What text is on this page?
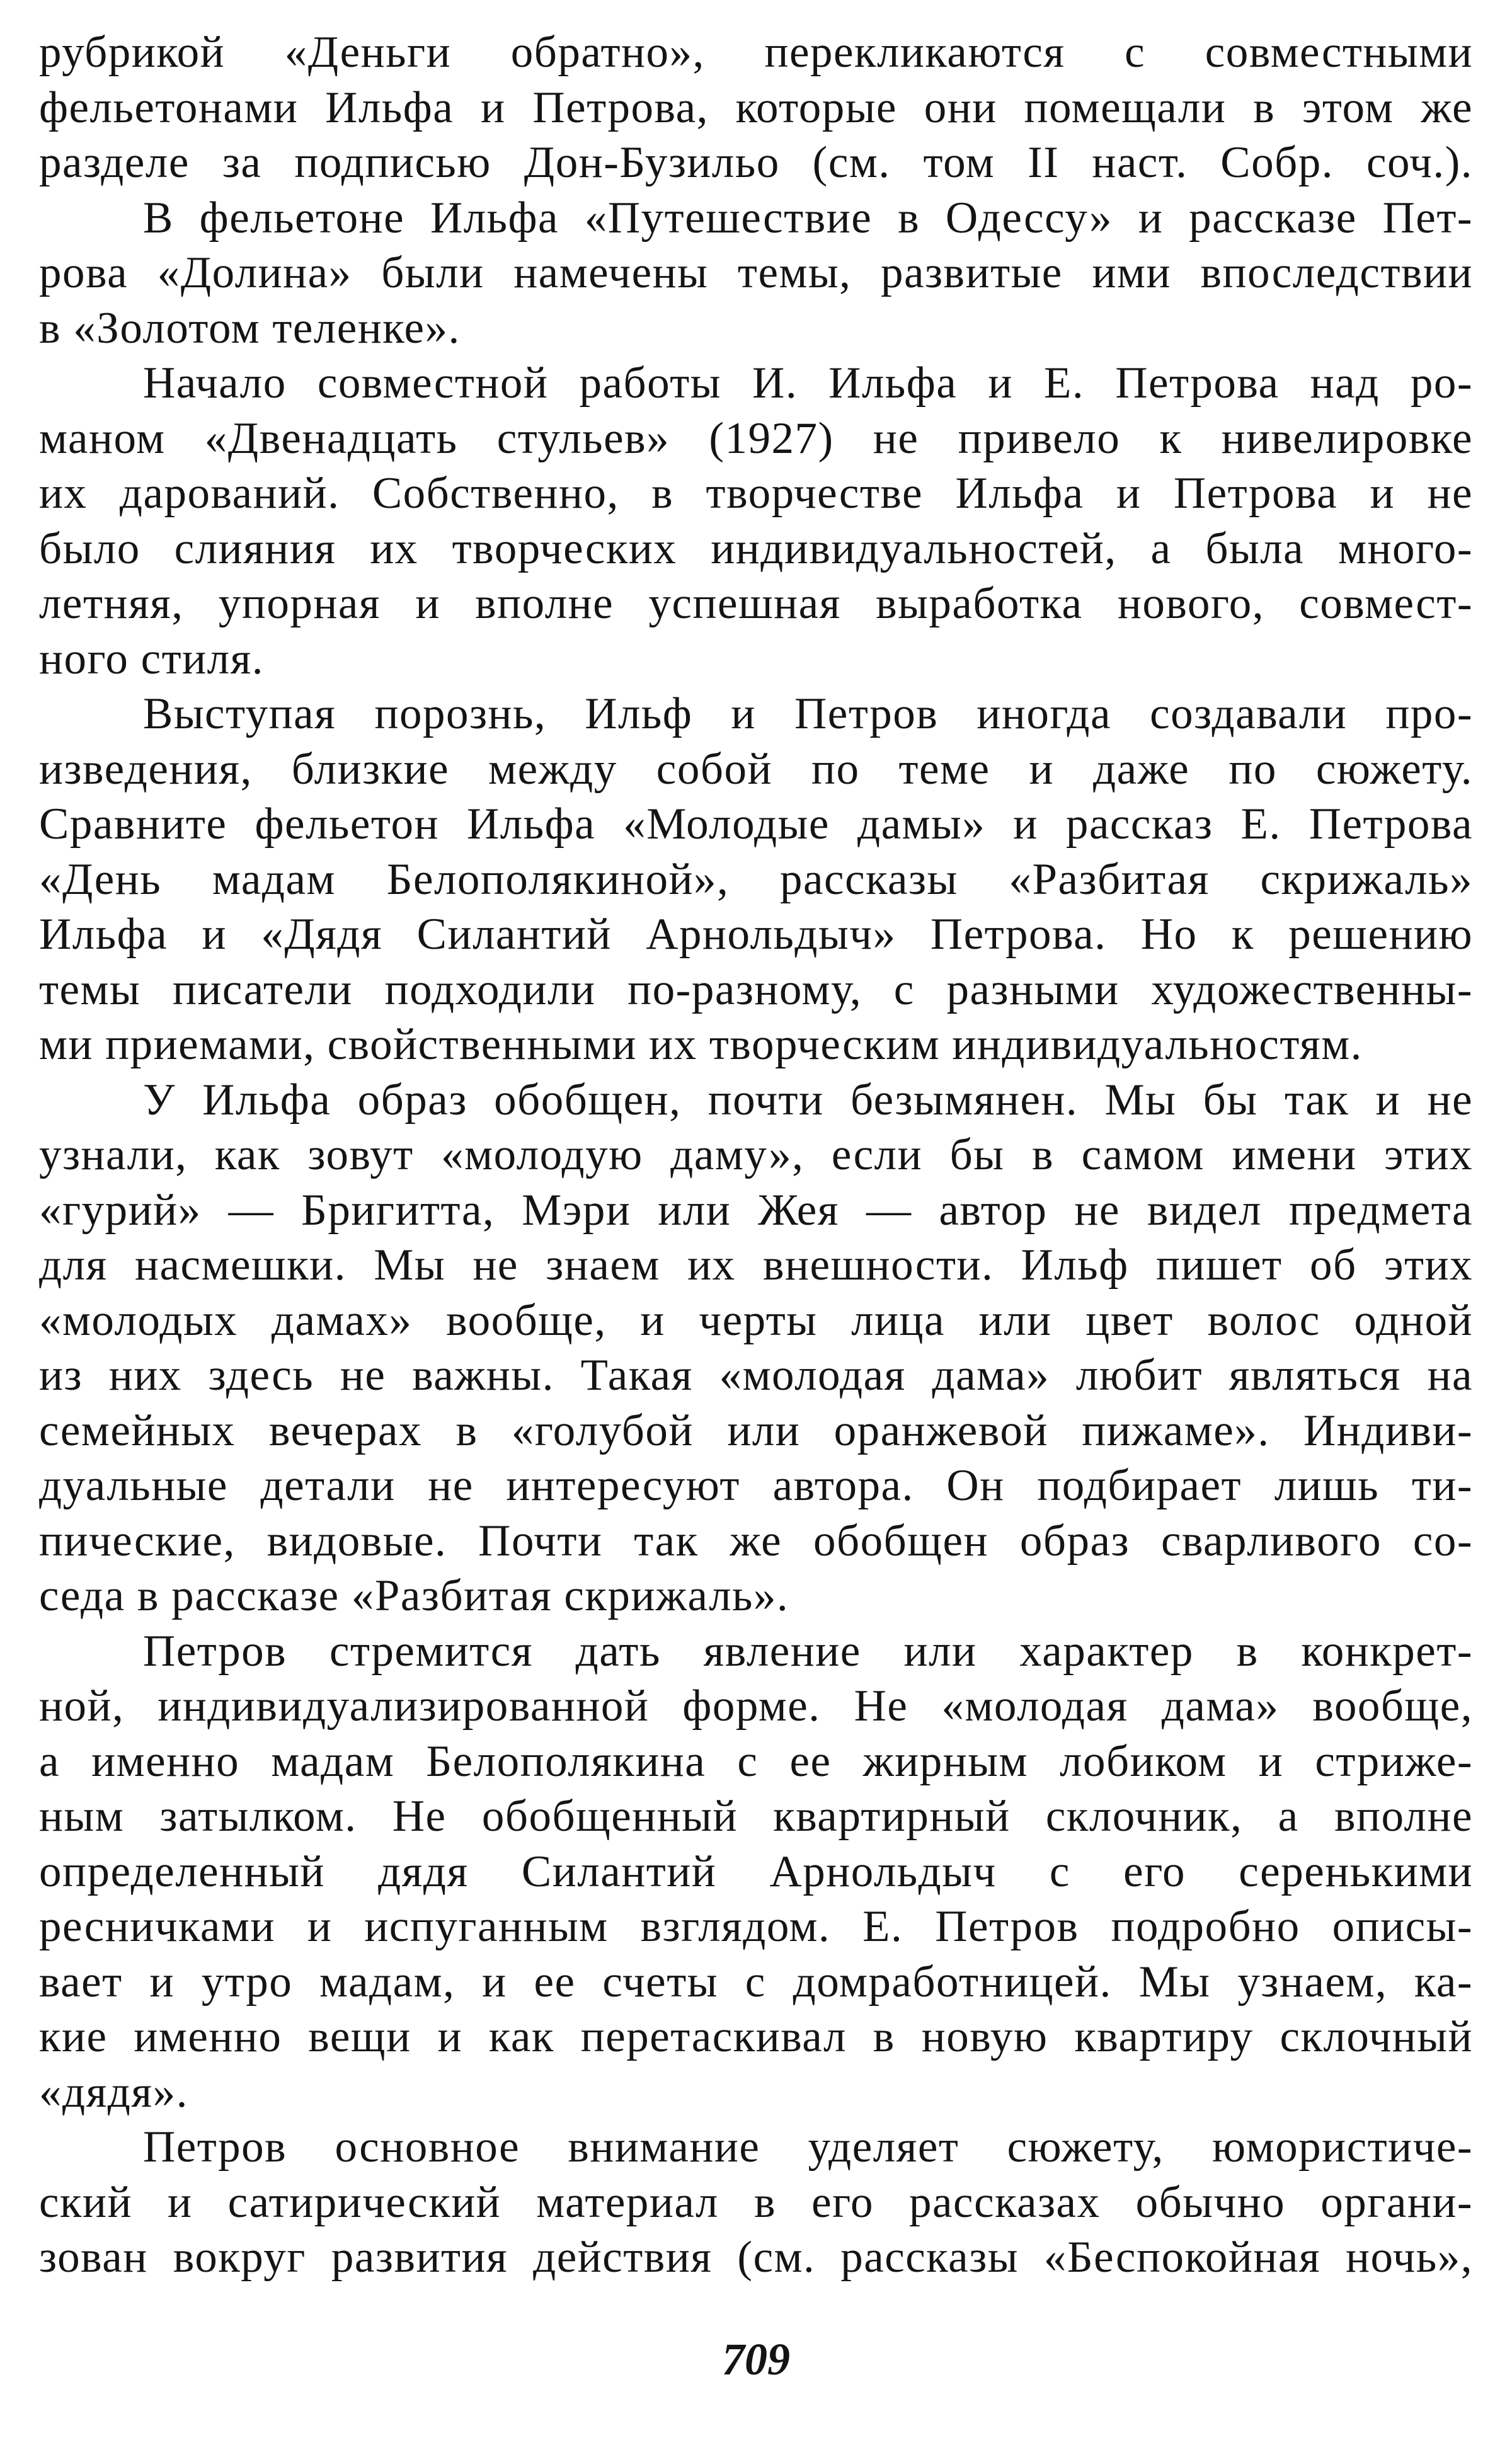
рубрикой «Деньги обратно», перекликаются с совместными
фельетонами Ильфа и Петрова, которые они помещали в этом же
разделе за подписью Дон-Бузильо (см. том II наст. Собр. соч.).
В фельетоне Ильфа «Путешествие в Одессу» и рассказе Пет-
рова «Долина» были намечены темы, развитые ими впоследствии
в «Золотом теленке».
Начало совместной работы И. Ильфа и Е. Петрова над ро-
маном «Двенадцать стульев» (1927) не привело к нивелировке
их дарований. Собственно, в творчестве Ильфа и Петрова и не
было слияния их творческих индивидуальностей, а была много-
летняя, упорная и вполне успешная выработка нового, совмест-
ного стиля.
Выступая порознь, Ильф и Петров иногда создавали про-
изведения, близкие между собой по теме и даже по сюжету.
Сравните фельетон Ильфа «Молодые дамы» и рассказ Е. Петрова
«День мадам Белополякиной», рассказы «Разбитая скрижаль»
Ильфа и «Дядя Силантий Арнольдыч» Петрова. Но к решению
темы писатели подходили по-разному, с разными художественны-
ми приемами, свойственными их творческим индивидуальностям.
У Ильфа образ обобщен, почти безымянен. Мы бы так и не
узнали, как зовут «молодую даму», если бы в самом имени этих
«гурий» — Бригитта, Мэри или Жея — автор не видел предмета
для насмешки. Мы не знаем их внешности. Ильф пишет об этих
«молодых дамах» вообще, и черты лица или цвет волос одной
из них здесь не важны. Такая «молодая дама» любит являться на
семейных вечерах в «голубой или оранжевой пижаме». Индиви-
дуальные детали не интересуют автора. Он подбирает лишь ти-
пические, видовые. Почти так же обобщен образ сварливого со-
седа в рассказе «Разбитая скрижаль».
Петров стремится дать явление или характер в конкрет-
ной, индивидуализированной форме. Не «молодая дама» вообще,
а именно мадам Белополякина с ее жирным лобиком и стриже-
ным затылком. Не обобщенный квартирный склочник, а вполне
определенный дядя Силантий Арнольдыч с его серенькими
ресничками и испуганным взглядом. Е. Петров подробно описы-
вает и утро мадам, и ее счеты с домработницей. Мы узнаем, ка-
кие именно вещи и как перетаскивал в новую квартиру склочный
«дядя».
Петров основное внимание уделяет сюжету, юмористиче-
ский и сатирический материал в его рассказах обычно органи-
зован вокруг развития действия (см. рассказы «Беспокойная ночь»,
709
